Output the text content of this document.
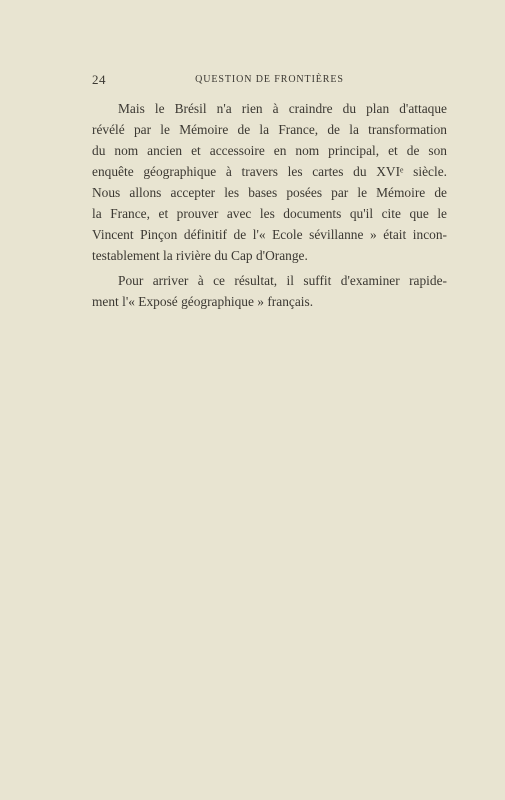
24	QUESTION DE FRONTIÈRES

Mais le Brésil n'a rien à craindre du plan d'attaque
révélé par le Mémoire de la France, de la transformation
du nom ancien et accessoire en nom principal, et de son
enquête géographique à travers les cartes du XVIᵉ siècle.
Nous allons accepter les bases posées par le Mémoire de
la France, et prouver avec les documents qu'il cite que le
Vincent Pinçon définitif de l'« Ecole sévillanne » était incon-
testablement la rivière du Cap d'Orange.

Pour arriver à ce résultat, il suffit d'examiner rapide-
ment l'« Exposé géographique » français.
